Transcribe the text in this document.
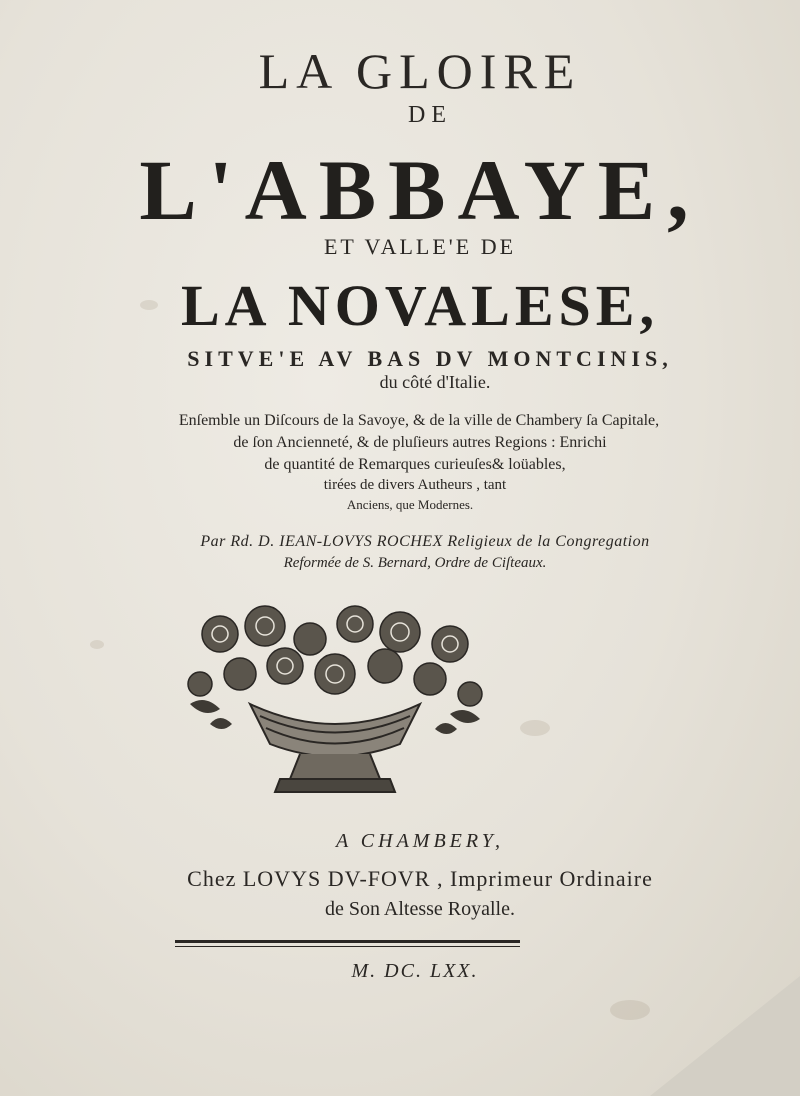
LA GLOIRE
DE
L'ABBAYE,
ET VALLE'E DE
LA NOVALESE,
SITVE'E AV BAS DV MONTCINIS,
du côté d'Italie.
Enſemble un Diſcours de la Savoye, & de la ville de Chambery ſa Capitale,
de ſon Ancienneté, & de pluſieurs autres Regions : Enrichi
de quantité de Remarques curieuſes& loüables,
tirées de divers Autheurs , tant
Anciens, que Modernes.
Par Rd. D. IEAN-LOVYS ROCHEX Religieux de la Congregation
Reformée de S. Bernard, Ordre de Ciſteaux.
A CHAMBERY,
Chez LOVYS DV-FOVR , Imprimeur Ordinaire
de Son Altesse Royalle.
M. DC. LXX.
